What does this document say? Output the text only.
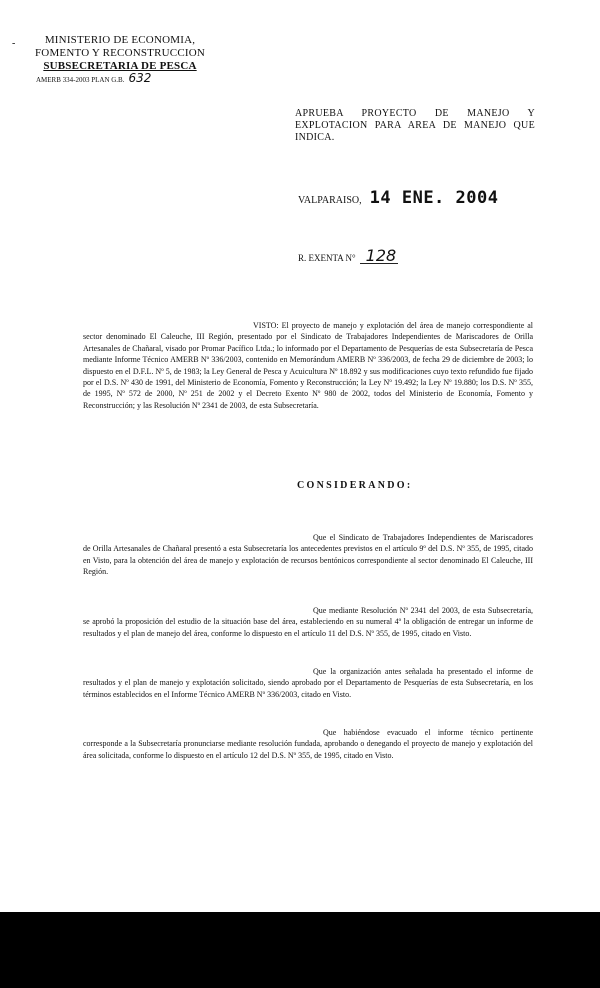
-	MINISTERIO DE ECONOMIA,
FOMENTO Y RECONSTRUCCION
SUBSECRETARIA DE PESCA
AMERB 334-2003 PLAN G.B. 632
APRUEBA PROYECTO DE MANEJO Y EXPLOTACION PARA AREA DE MANEJO QUE INDICA.
VALPARAISO, 14 ENE. 2004
R. EXENTA N° 128
VISTO: El proyecto de manejo y explotación del área de manejo correspondiente al sector denominado El Caleuche, III Región, presentado por el Sindicato de Trabajadores Independientes de Mariscadores de Orilla Artesanales de Chañaral, visado por Promar Pacífico Ltda.; lo informado por el Departamento de Pesquerías de esta Subsecretaría de Pesca mediante Informe Técnico AMERB Nº 336/2003, contenido en Memorándum AMERB Nº 336/2003, de fecha 29 de diciembre de 2003; lo dispuesto en el D.F.L. Nº 5, de 1983; la Ley General de Pesca y Acuicultura Nº 18.892 y sus modificaciones cuyo texto refundido fue fijado por el D.S. Nº 430 de 1991, del Ministerio de Economía, Fomento y Reconstrucción; la Ley Nº 19.492; la Ley Nº 19.880; los D.S. Nº 355, de 1995, Nº 572 de 2000, Nº 251 de 2002 y el Decreto Exento Nº 980 de 2002, todos del Ministerio de Economía, Fomento y Reconstrucción; y las Resolución Nº 2341 de 2003, de esta Subsecretaría.
CONSIDERANDO:
Que el Sindicato de Trabajadores Independientes de Mariscadores de Orilla Artesanales de Chañaral presentó a esta Subsecretaría los antecedentes previstos en el artículo 9º del D.S. Nº 355, de 1995, citado en Visto, para la obtención del área de manejo y explotación de recursos bentónicos correspondiente al sector denominado El Caleuche, III Región.
Que mediante Resolución Nº 2341 del 2003, de esta Subsecretaría, se aprobó la proposición del estudio de la situación base del área, estableciendo en su numeral 4º la obligación de entregar un informe de resultados y el plan de manejo del área, conforme lo dispuesto en el artículo 11 del D.S. Nº 355, de 1995, citado en Visto.
Que la organización antes señalada ha presentado el informe de resultados y el plan de manejo y explotación solicitado, siendo aprobado por el Departamento de Pesquerías de esta Subsecretaría, en los términos establecidos en el Informe Técnico AMERB Nº 336/2003, citado en Visto.
Que habiéndose evacuado el informe técnico pertinente corresponde a la Subsecretaría pronunciarse mediante resolución fundada, aprobando o denegando el proyecto de manejo y explotación del área solicitada, conforme lo dispuesto en el artículo 12 del D.S. Nº 355, de 1995, citado en Visto.
